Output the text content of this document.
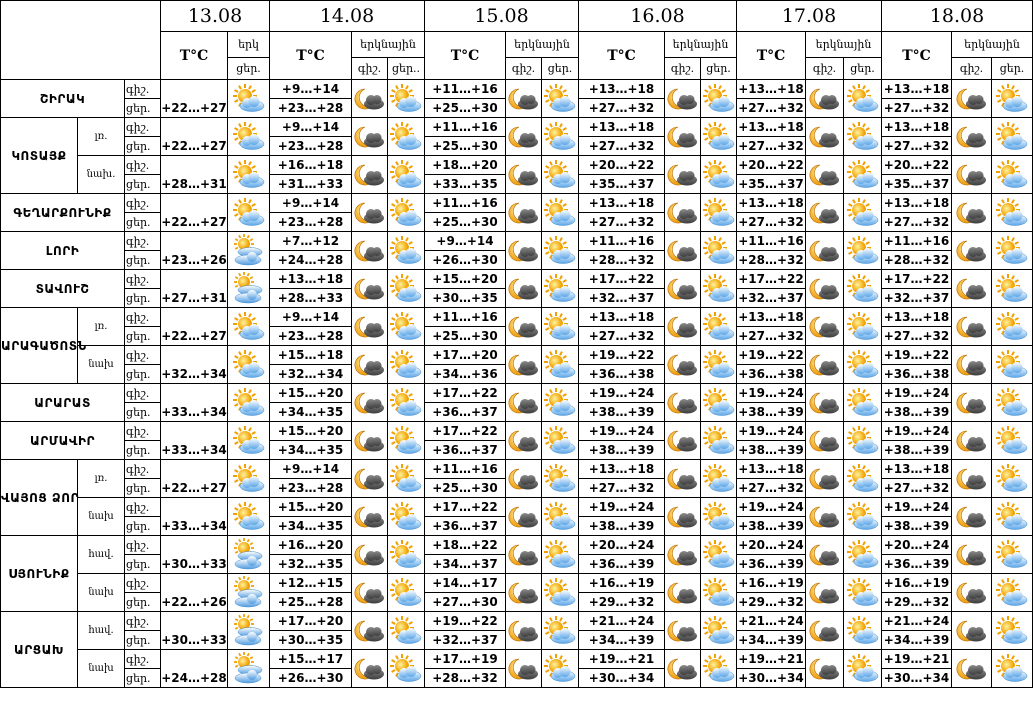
			13.08		14.08			15.08			16.08			17.08			18.08		
			T°C	երկ	T°C	երկնային		T°C	երկնային		T°C	երկնային		T°C	երկնային		T°C	երկնային	
				ցեր.		գիշ.	ցեր..		գիշ.	ցեր.		գիշ.	ցեր.		գիշ.	ցեր.		գիշ.	ցեր.
ՇԻՐԱԿ		գիշ.	+22…+27		+9…+14			+11…+16			+13…+18			+13…+18			+13…+18	

		ցեր.			+23…+28			+25…+30			+27…+32			+27…+32			+27…+32		
ԿՈՏԱՅՔ	լռ.	գիշ.	+22…+27		+9…+14			+11…+16			+13…+18			+13…+18			+13…+18	

		ցեր.			+23…+28			+25…+30			+27…+32			+27…+32			+27…+32		
	նախ.	գիշ.	+28…+31		+16…+18			+18…+20			+20…+22			+20…+22			+20…+22	

		ցեր.			+31…+33			+33…+35			+35…+37			+35…+37			+35…+37		
ԳԵՂԱՐՔՈՒՆԻՔ		գիշ.	+22…+27		+9…+14			+11…+16			+13…+18			+13…+18			+13…+18	

		ցեր.			+23…+28			+25…+30			+27…+32			+27…+32			+27…+32		
ԼՈՐԻ		գիշ.	+23…+26		+7…+12			+9…+14			+11…+16			+11…+16			+11…+16	

		ցեր.			+24…+28			+26…+30			+28…+32			+28…+32			+28…+32		
ՏԱՎՈՒՇ		գիշ.	+27…+31		+13…+18			+15…+20			+17…+22			+17…+22			+17…+22	

		ցեր.			+28…+33			+30…+35			+32…+37			+32…+37			+32…+37		
ԱՐԱԳԱԾՈՏՆ	լռ.	գիշ.	+22…+27		+9…+14			+11…+16			+13…+18			+13…+18			+13…+18	

		ցեր.			+23…+28			+25…+30			+27…+32			+27…+32			+27…+32		
	նախ	գիշ.	+32…+34		+15…+18			+17…+20			+19…+22			+19…+22			+19…+22	

		ցեր.			+32…+34			+34…+36			+36…+38			+36…+38			+36…+38		
ԱՐԱՐԱՏ		գիշ.	+33…+34		+15…+20			+17…+22			+19…+24			+19…+24			+19…+24	

		ցեր.			+34…+35			+36…+37			+38…+39			+38…+39			+38…+39		
ԱՐՄԱՎԻՐ		գիշ.	+33…+34		+15…+20			+17…+22			+19…+24			+19…+24			+19…+24	

		ցեր.			+34…+35			+36…+37			+38…+39			+38…+39			+38…+39		
ՎԱՅՈՑ ՁՈՐ	լռ.	գիշ.	+22…+27		+9…+14			+11…+16			+13…+18			+13…+18			+13…+18	

		ցեր.			+23…+28			+25…+30			+27…+32			+27…+32			+27…+32		
	նախ	գիշ.	+33…+34		+15…+20			+17…+22			+19…+24			+19…+24			+19…+24	

		ցեր.			+34…+35			+36…+37			+38…+39			+38…+39			+38…+39		
ՍՅՈՒՆԻՔ	հավ.	գիշ.	+30…+33		+16…+20			+18…+22			+20…+24			+20…+24			+20…+24	

		ցեր.			+32…+35			+34…+37			+36…+39			+36…+39			+36…+39		
	նախ	գիշ.	+22…+26		+12…+15			+14…+17			+16…+19			+16…+19			+16…+19	

		ցեր.			+25…+28			+27…+30			+29…+32			+29…+32			+29…+32		
ԱՐՑԱԽ	հավ.	գիշ.	+30…+33		+17…+20			+19…+22			+21…+24			+21…+24			+21…+24	

		ցեր.			+30…+35			+32…+37			+34…+39			+34…+39			+34…+39		
	նախ	գիշ.	+24…+28		+15…+17			+17…+19			+19…+21			+19…+21			+19…+21	

		ցեր.			+26…+30			+28…+32			+30…+34			+30…+34			+30…+34		
